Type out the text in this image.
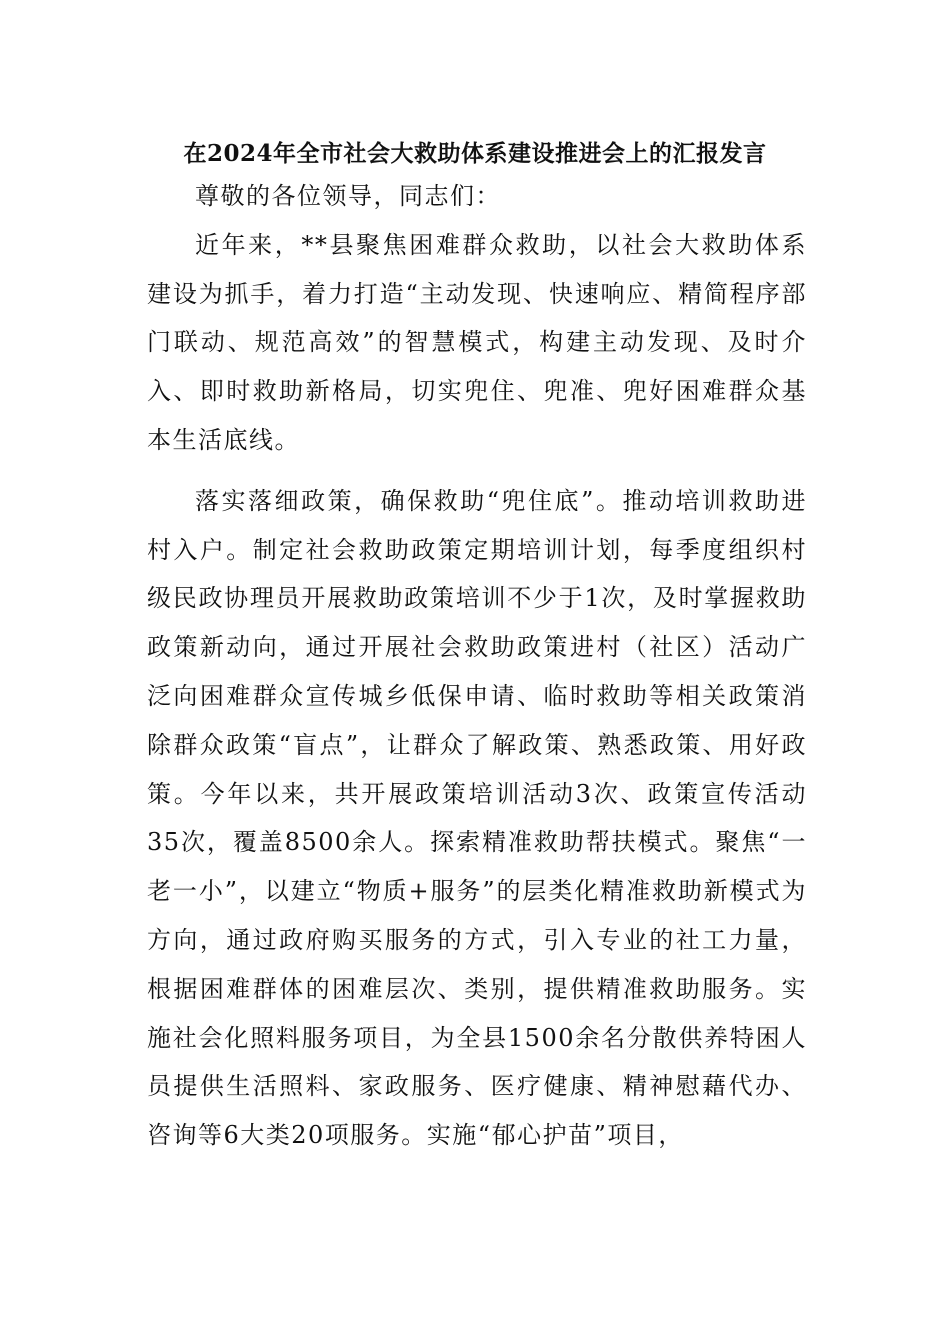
在2024年全市社会大救助体系建设推进会上的汇报发言

尊敬的各位领导，同志们：

近年来，**县聚焦困难群众救助，以社会大救助体系建设为抓手，着力打造“主动发现、快速响应、精简程序部门联动、规范高效”的智慧模式，构建主动发现、及时介入、即时救助新格局，切实兜住、兜准、兜好困难群众基本生活底线。

落实落细政策，确保救助“兜住底”。推动培训救助进村入户。制定社会救助政策定期培训计划，每季度组织村级民政协理员开展救助政策培训不少于1次，及时掌握救助政策新动向，通过开展社会救助政策进村（社区）活动广泛向困难群众宣传城乡低保申请、临时救助等相关政策消除群众政策“盲点”，让群众了解政策、熟悉政策、用好政策。今年以来，共开展政策培训活动3次、政策宣传活动35次，覆盖8500余人。探索精准救助帮扶模式。聚焦“一老一小”，以建立“物质+服务”的层类化精准救助新模式为方向，通过政府购买服务的方式，引入专业的社工力量，根据困难群体的困难层次、类别，提供精准救助服务。实施社会化照料服务项目，为全县1500余名分散供养特困人员提供生活照料、家政服务、医疗健康、精神慰藉代办、咨询等6大类20项服务。实施“郁心护苗”项目，
